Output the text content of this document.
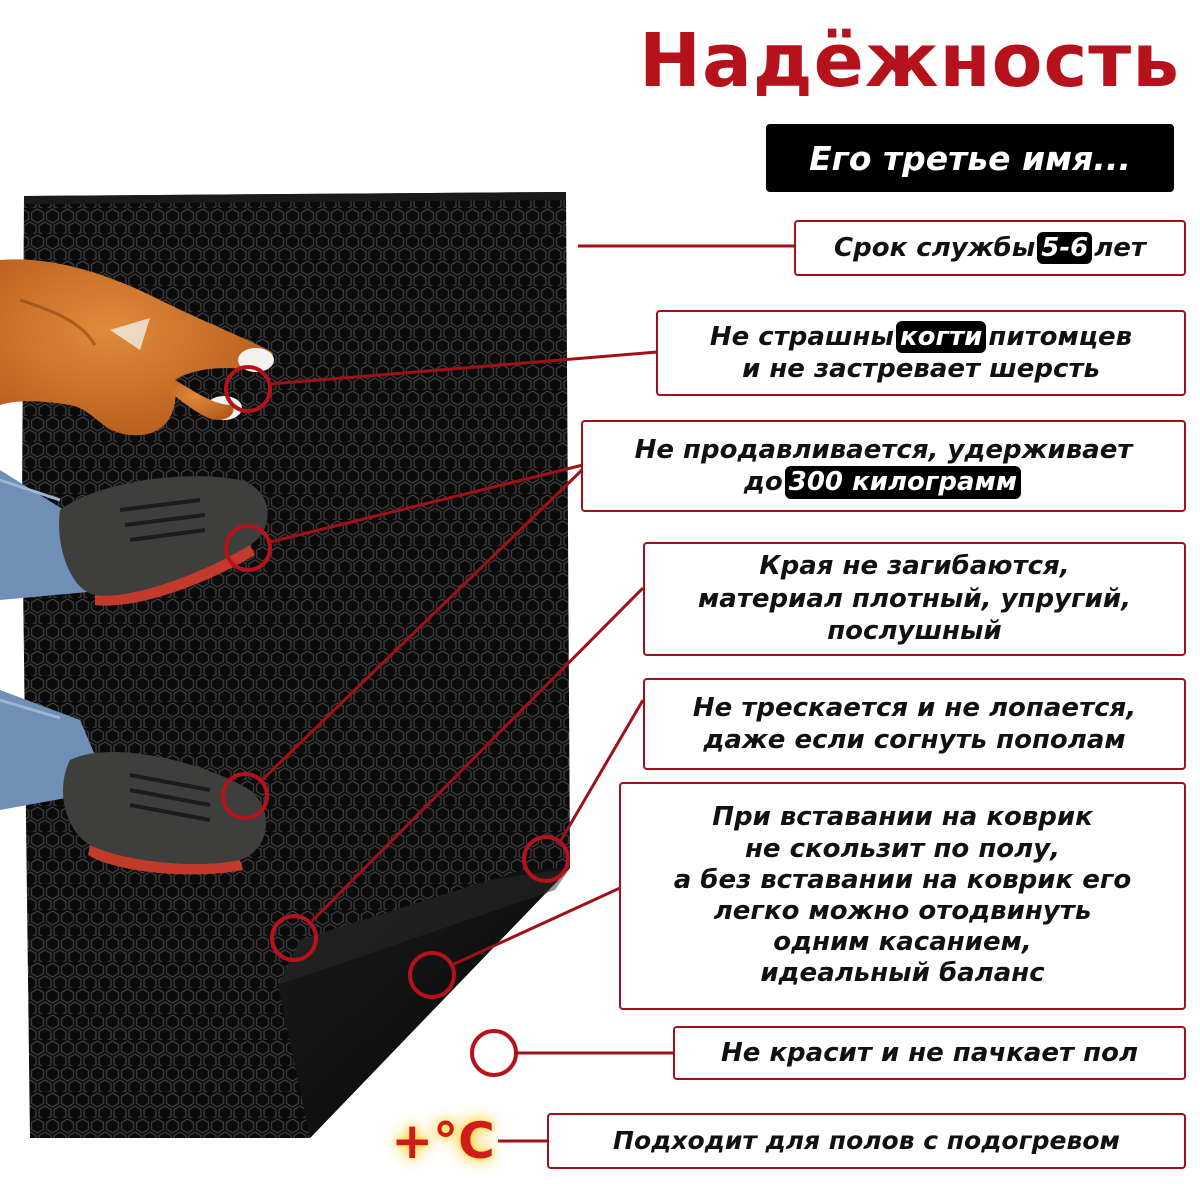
Надёжность
Его третье имя...
Срок службы 5-6 лет
Не страшны когти питомцев
и не застревает шерсть
Не продавливается, удерживает
до 300 килограмм
Края не загибаются,
материал плотный, упругий,
послушный
Не трескается и не лопается,
даже если согнуть пополам
При вставании на коврик
не скользит по полу,
а без вставании на коврик его
легко можно отодвинуть
одним касанием,
идеальный баланс
Не красит и не пачкает пол
Подходит для полов с подогревом
+°C
